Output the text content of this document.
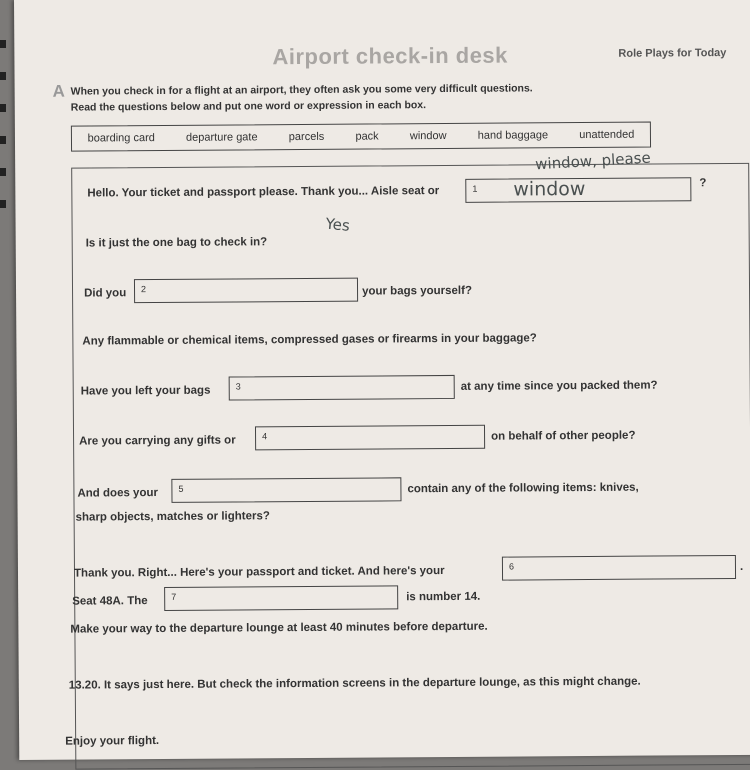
Airport check-in desk	Role Plays for Today
A When you check in for a flight at an airport, they often ask you some very difficult questions.
Read the questions below and put one word or expression in each box.
boarding card	departure gate	parcels	pack	window	hand baggage	unattended
Hello. Your ticket and passport please. Thank you... Aisle seat or	1	?
window
window, please
Is it just the one bag to check in?
Yes
Did you	2	your bags yourself?
Any flammable or chemical items, compressed gases or firearms in your baggage?
Have you left your bags	3	at any time since you packed them?
Are you carrying any gifts or	4	on behalf of other people?
And does your	5	contain any of the following items: knives,
sharp objects, matches or lighters?
Thank you. Right... Here's your passport and ticket. And here's your	6	.
Seat 48A. The	7	is number 14.
Make your way to the departure lounge at least 40 minutes before departure.
13.20. It says just here. But check the information screens in the departure lounge, as this might change.
Enjoy your flight.
